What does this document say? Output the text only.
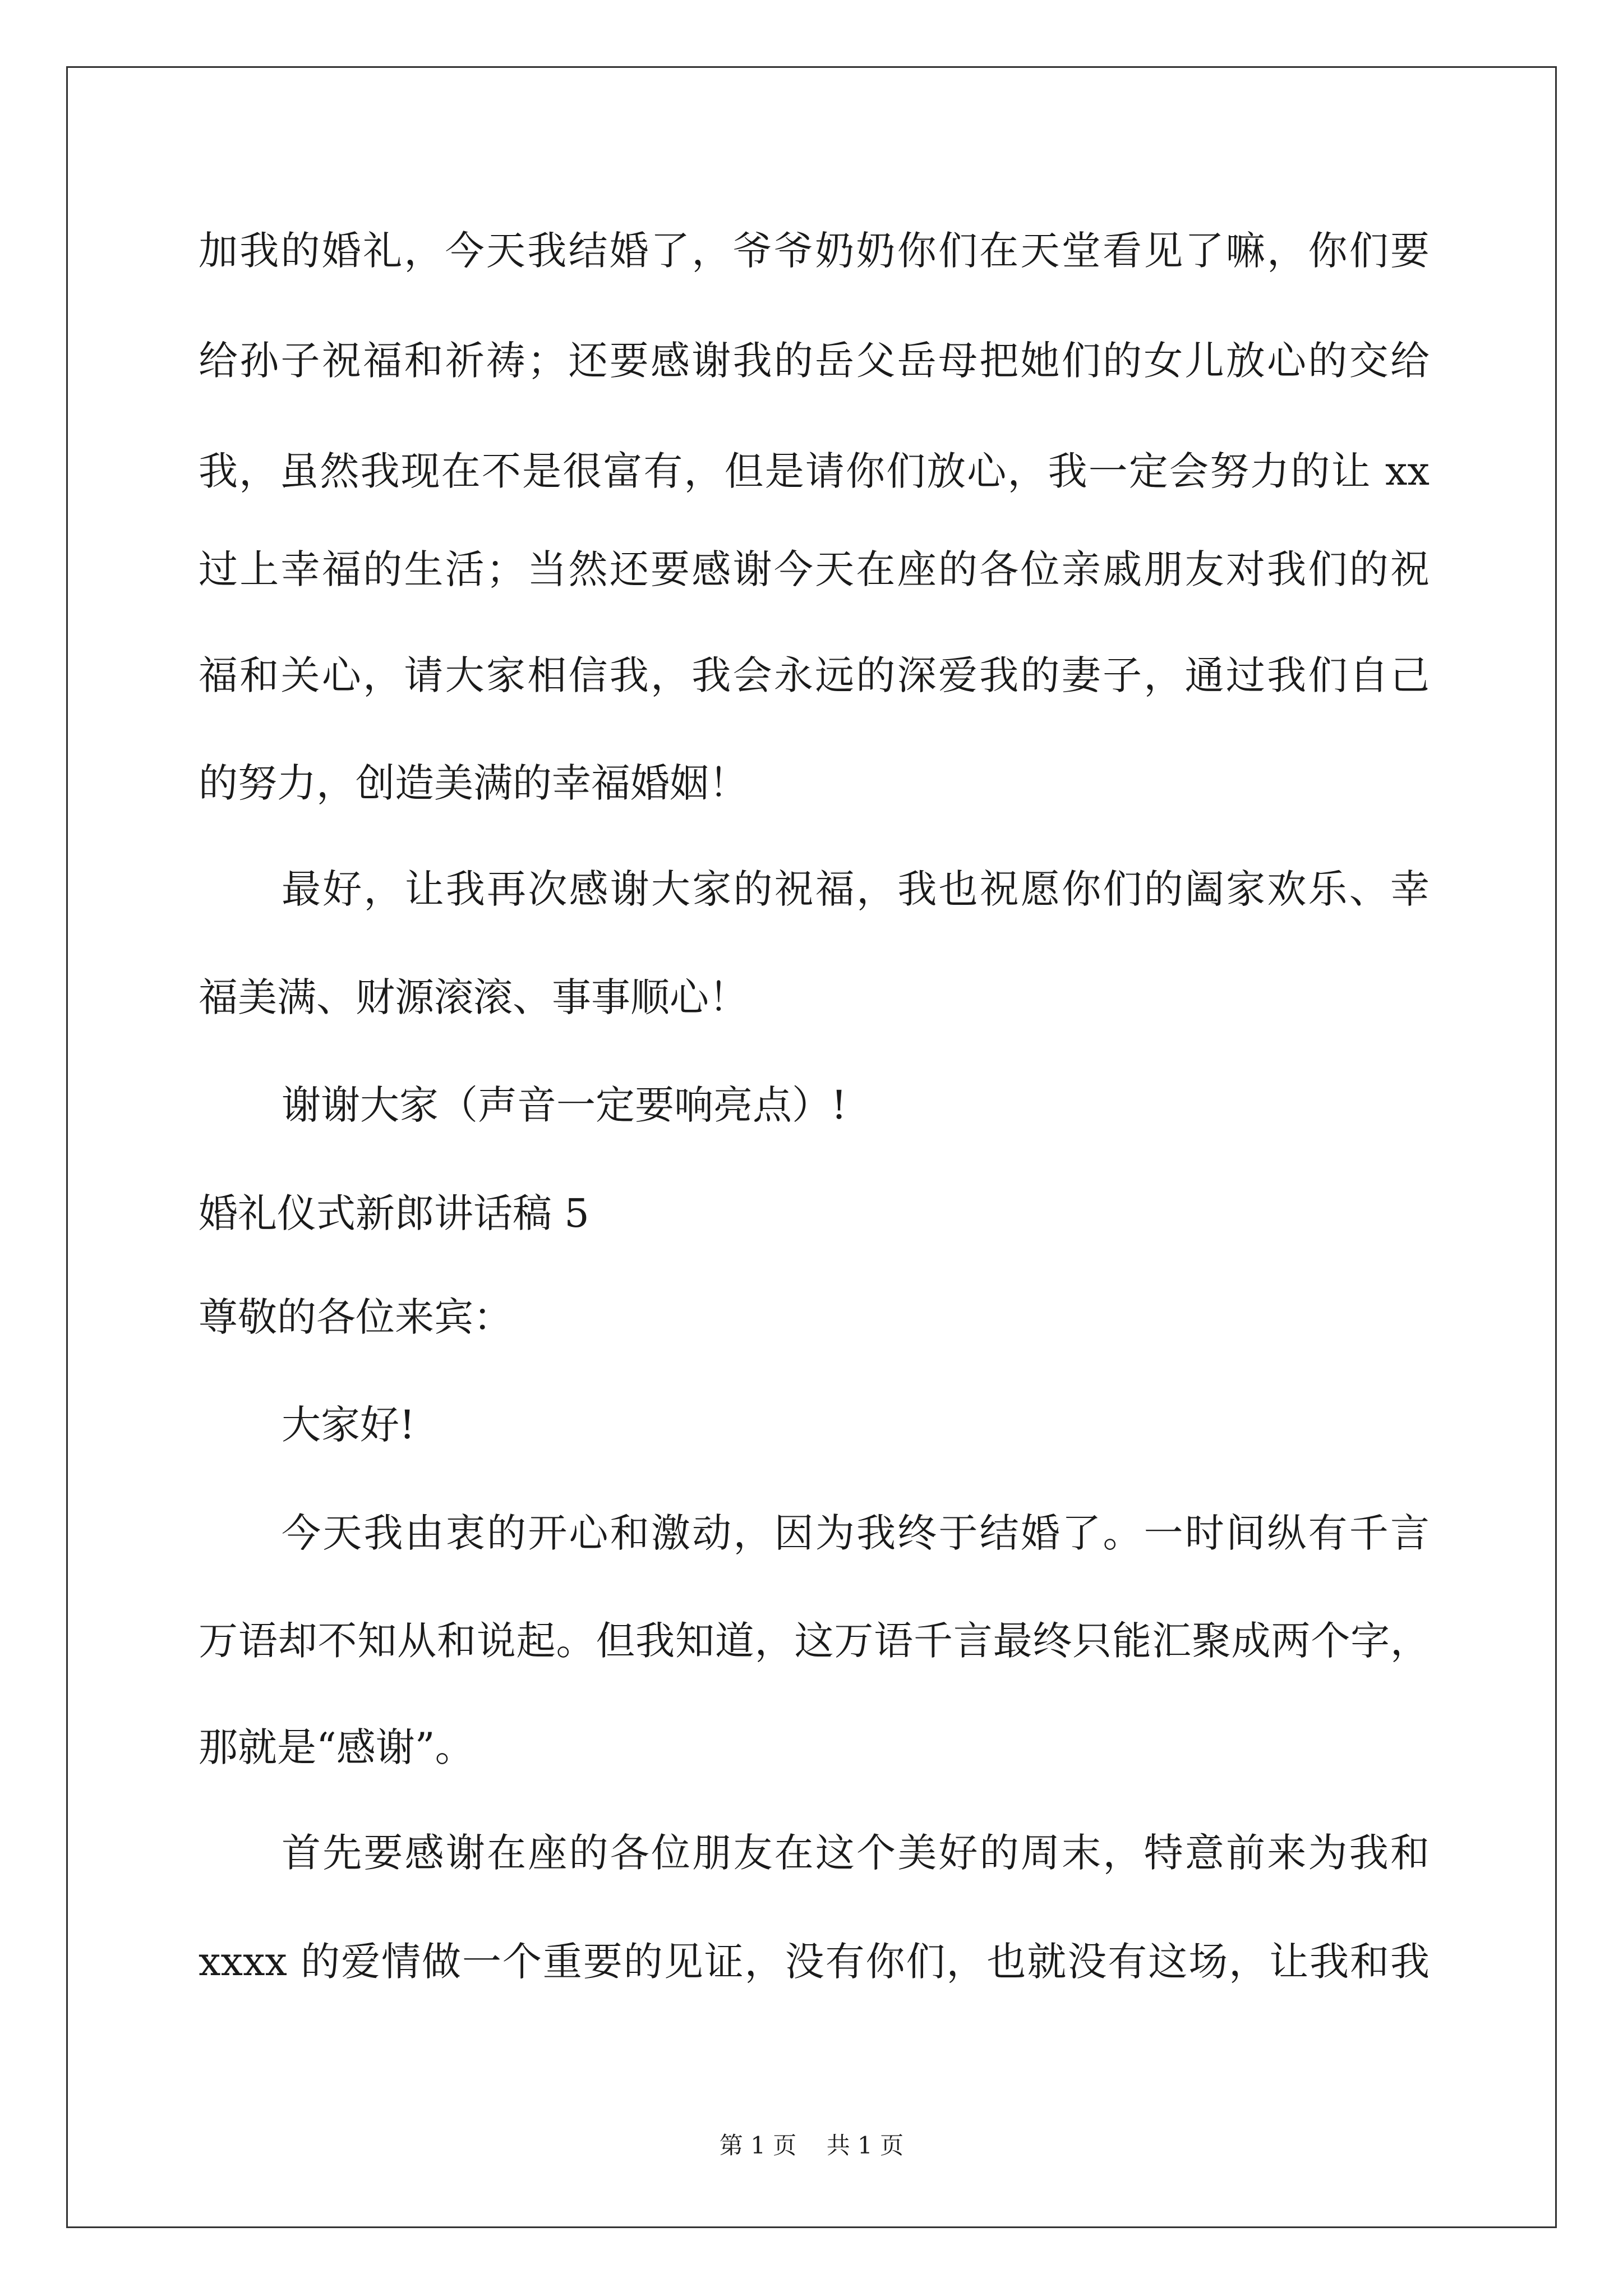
加我的婚礼，今天我结婚了，爷爷奶奶你们在天堂看见了嘛，你们要
给孙子祝福和祈祷；还要感谢我的岳父岳母把她们的女儿放心的交给
我，虽然我现在不是很富有，但是请你们放心，我一定会努力的让 xx
过上幸福的生活；当然还要感谢今天在座的各位亲戚朋友对我们的祝
福和关心，请大家相信我，我会永远的深爱我的妻子，通过我们自己
的努力，创造美满的幸福婚姻！
最好，让我再次感谢大家的祝福，我也祝愿你们的阖家欢乐、幸
福美满、财源滚滚、事事顺心！
谢谢大家（声音一定要响亮点）!
婚礼仪式新郎讲话稿 5
尊敬的各位来宾：
大家好!
今天我由衷的开心和激动，因为我终于结婚了。一时间纵有千言
万语却不知从和说起。但我知道，这万语千言最终只能汇聚成两个字，
那就是“感谢”。
首先要感谢在座的各位朋友在这个美好的周末，特意前来为我和
xxxx 的爱情做一个重要的见证，没有你们，也就没有这场，让我和我
第 1 页    共 1 页
